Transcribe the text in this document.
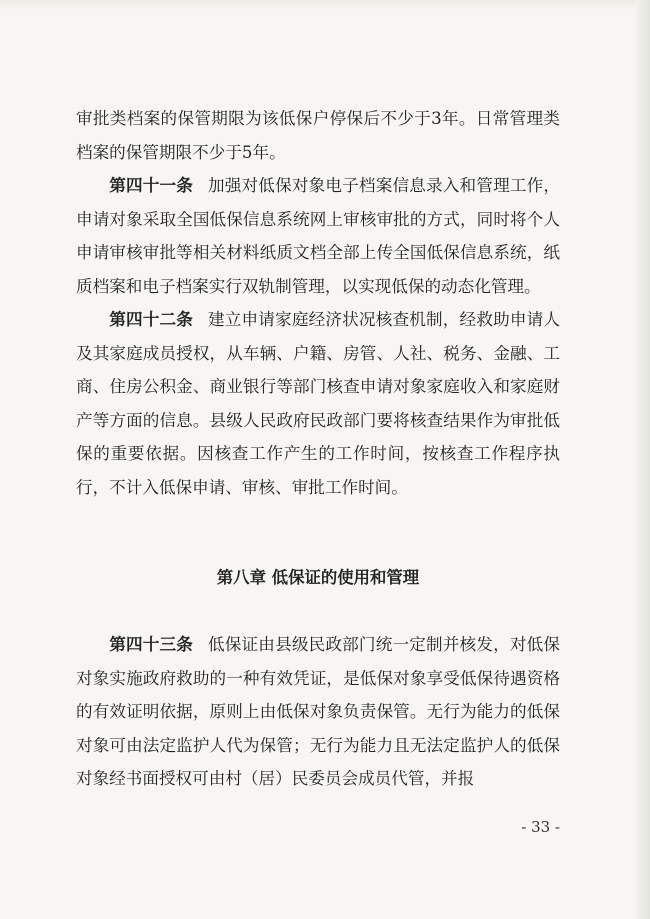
审批类档案的保管期限为该低保户停保后不少于3年。日常管理类档案的保管期限不少于5年。

第四十一条 加强对低保对象电子档案信息录入和管理工作，申请对象采取全国低保信息系统网上审核审批的方式，同时将个人申请审核审批等相关材料纸质文档全部上传全国低保信息系统，纸质档案和电子档案实行双轨制管理，以实现低保的动态化管理。

第四十二条 建立申请家庭经济状况核查机制，经救助申请人及其家庭成员授权，从车辆、户籍、房管、人社、税务、金融、工商、住房公积金、商业银行等部门核查申请对象家庭收入和家庭财产等方面的信息。县级人民政府民政部门要将核查结果作为审批低保的重要依据。因核查工作产生的工作时间，按核查工作程序执行，不计入低保申请、审核、审批工作时间。

第八章 低保证的使用和管理

第四十三条 低保证由县级民政部门统一定制并核发，对低保对象实施政府救助的一种有效凭证，是低保对象享受低保待遇资格的有效证明依据，原则上由低保对象负责保管。无行为能力的低保对象可由法定监护人代为保管；无行为能力且无法定监护人的低保对象经书面授权可由村（居）民委员会成员代管，并报

- 33 -
